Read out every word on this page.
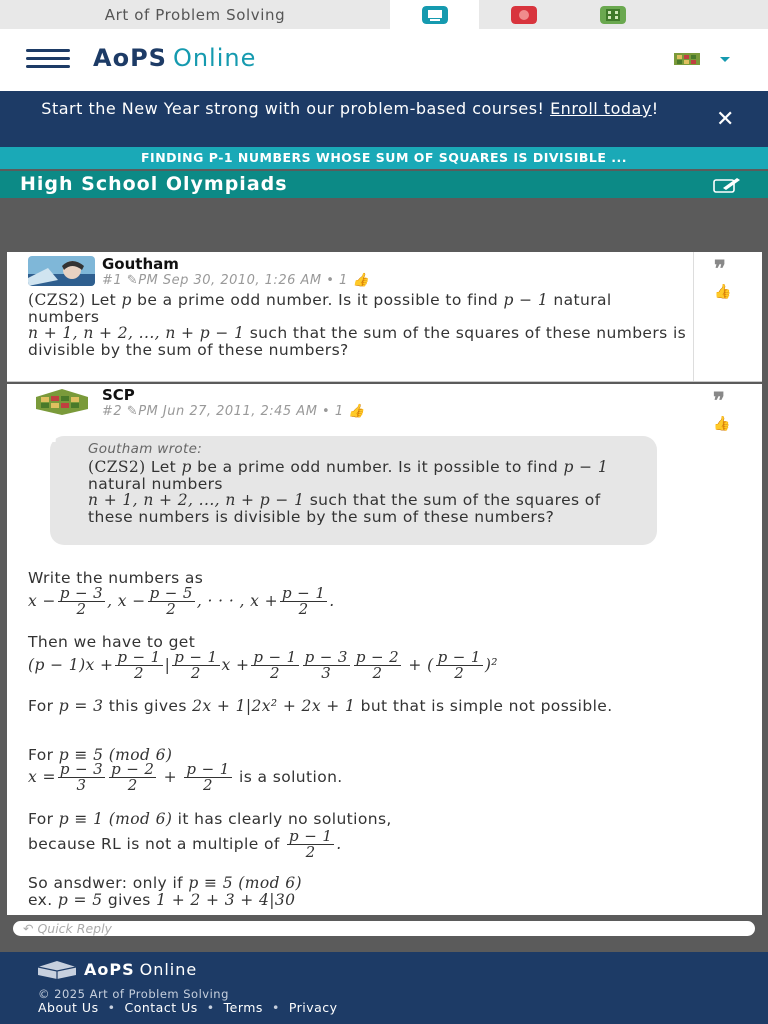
Art of Problem Solving
AoPS Online
Start the New Year strong with our problem-based courses! Enroll today!	✕
FINDING P-1 NUMBERS WHOSE SUM OF SQUARES IS DIVISIBLE ...
High School Olympiads
Goutham
#1 ✎PM Sep 30, 2010, 1:26 AM • 1 👍
(CZS2) Let p be a prime odd number. Is it possible to find p − 1 natural numbers
n + 1, n + 2, ..., n + p − 1 such that the sum of the squares of these numbers is divisible by the sum of these numbers?
❞
👍
SCP
#2 ✎PM Jun 27, 2011, 2:45 AM • 1 👍
“ Goutham wrote:
(CZS2) Let p be a prime odd number. Is it possible to find p − 1 natural numbers
n + 1, n + 2, ..., n + p − 1 such that the sum of the squares of these numbers is divisible by the sum of these numbers?
Write the numbers as
$x - \frac{p - 3}{2}$ , $x - \frac{p - 5}{2}$ , · · · , $x + \frac{p - 1}{2}$ .
Then we have to get
$(p - 1)x + \frac{p - 1}{2}$ | $\frac{p - 1}{2}$ $x + \frac{p - 1}{2} \frac{p - 3}{3} \frac{p - 2}{2}$ + ( $\frac{p - 1}{2} )^2$
For p = 3 this gives 2x + 1|2x² + 2x + 1 but that is simple not possible.
For p ≡ 5 (mod 6)
$x = \frac{p - 3}{3} \frac{p - 2}{2} + \frac{p - 1}{2}$ is a solution.
For p ≡ 1 (mod 6) it has clearly no solutions,
because RL is not a multiple of $\frac{p - 1}{2}$ .
So ansdwer: only if p ≡ 5 (mod 6)
ex. p = 5 gives 1 + 2 + 3 + 4|30
❞
👍
↶ Quick Reply
AoPS Online
© 2025 Art of Problem Solving
About Us • Contact Us • Terms • Privacy
